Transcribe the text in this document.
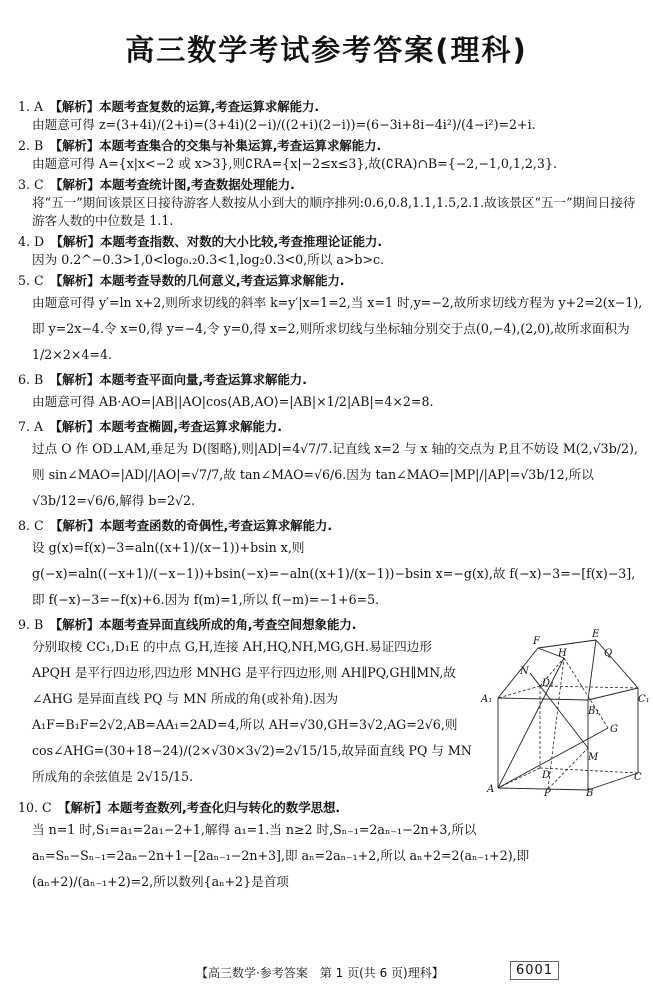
高三数学考试参考答案(理科)
1. A　 【解析】本题考查复数的运算,考查运算求解能力.
由题意可得 z=(3+4i)/(2+i)=(3+4i)(2−i)/((2+i)(2−i))=(6−3i+8i−4i²)/(4−i²)=2+i.
2. B　 【解析】本题考查集合的交集与补集运算,考查运算求解能力.
由题意可得 A={x|x<−2 或 x>3},则∁RA={x|−2≤x≤3},故(∁RA)∩B={−2,−1,0,1,2,3}.
3. C　 【解析】本题考查统计图,考查数据处理能力.
将“五一”期间该景区日接待游客人数按从小到大的顺序排列:0.6,0.8,1.1,1.5,2.1.故该景区“五一”期间日接待游客人数的中位数是 1.1.
4. D　 【解析】本题考查指数、对数的大小比较,考查推理论证能力.
因为 0.2^−0.3>1,0<log₀.₂0.3<1,log₂0.3<0,所以 a>b>c.
5. C　 【解析】本题考查导数的几何意义,考查运算求解能力.
由题意可得 y′=ln x+2,则所求切线的斜率 k=y′|x=1=2,当 x=1 时,y=−2,故所求切线方程为 y+2=2(x−1),即 y=2x−4.令 x=0,得 y=−4,令 y=0,得 x=2,则所求切线与坐标轴分别交于点(0,−4),(2,0),故所求面积为 1/2×2×4=4.
6. B　 【解析】本题考查平面向量,考查运算求解能力.
由题意可得 AB·AO=|AB||AO|cos⟨AB,AO⟩=|AB|×1/2|AB|=4×2=8.
7. A　 【解析】本题考查椭圆,考查运算求解能力.
过点 O 作 OD⊥AM,垂足为 D(图略),则|AD|=4√7/7.记直线 x=2 与 x 轴的交点为 P,且不妨设 M(2,√3b/2),则 sin∠MAO=|AD|/|AO|=√7/7,故 tan∠MAO=√6/6.因为 tan∠MAO=|MP|/|AP|=√3b/12,所以 √3b/12=√6/6,解得 b=2√2.
8. C　 【解析】本题考查函数的奇偶性,考查运算求解能力.
设 g(x)=f(x)−3=aln((x+1)/(x−1))+bsin x,则 g(−x)=aln((−x+1)/(−x−1))+bsin(−x)=−aln((x+1)/(x−1))−bsin x=−g(x),故 f(−x)−3=−[f(x)−3],即 f(−x)−3=−f(x)+6.因为 f(m)=1,所以 f(−m)=−1+6=5.
9. B　 【解析】本题考查异面直线所成的角,考查空间想象能力.
分别取棱 CC₁,D₁E 的中点 G,H,连接 AH,HQ,NH,MG,GH.易证四边形 APQH 是平行四边形,四边形 MNHG 是平行四边形,则 AH∥PQ,GH∥MN,故∠AHG 是异面直线 PQ 与 MN 所成的角(或补角).因为 A₁F=B₁F=2√2,AB=AA₁=2AD=4,所以 AH=√30,GH=3√2,AG=2√6,则 cos∠AHG=(30+18−24)/(2×√30×3√2)=2√15/15,故异面直线 PQ 与 MN 所成角的余弦值是 2√15/15.
E
F
H	Q
N
D₁
A₁
B₁
C₁
G
M
D
A	P	B
C
10. C　 【解析】本题考查数列,考查化归与转化的数学思想.
当 n=1 时,S₁=a₁=2a₁−2+1,解得 a₁=1.当 n≥2 时,Sₙ₋₁=2aₙ₋₁−2n+3,所以 aₙ=Sₙ−Sₙ₋₁=2aₙ−2n+1−[2aₙ₋₁−2n+3],即 aₙ=2aₙ₋₁+2,所以 aₙ+2=2(aₙ₋₁+2),即 (aₙ+2)/(aₙ₋₁+2)=2,所以数列{aₙ+2}是首项
【高三数学·参考答案　第 1 页(共 6 页)理科】	6001
